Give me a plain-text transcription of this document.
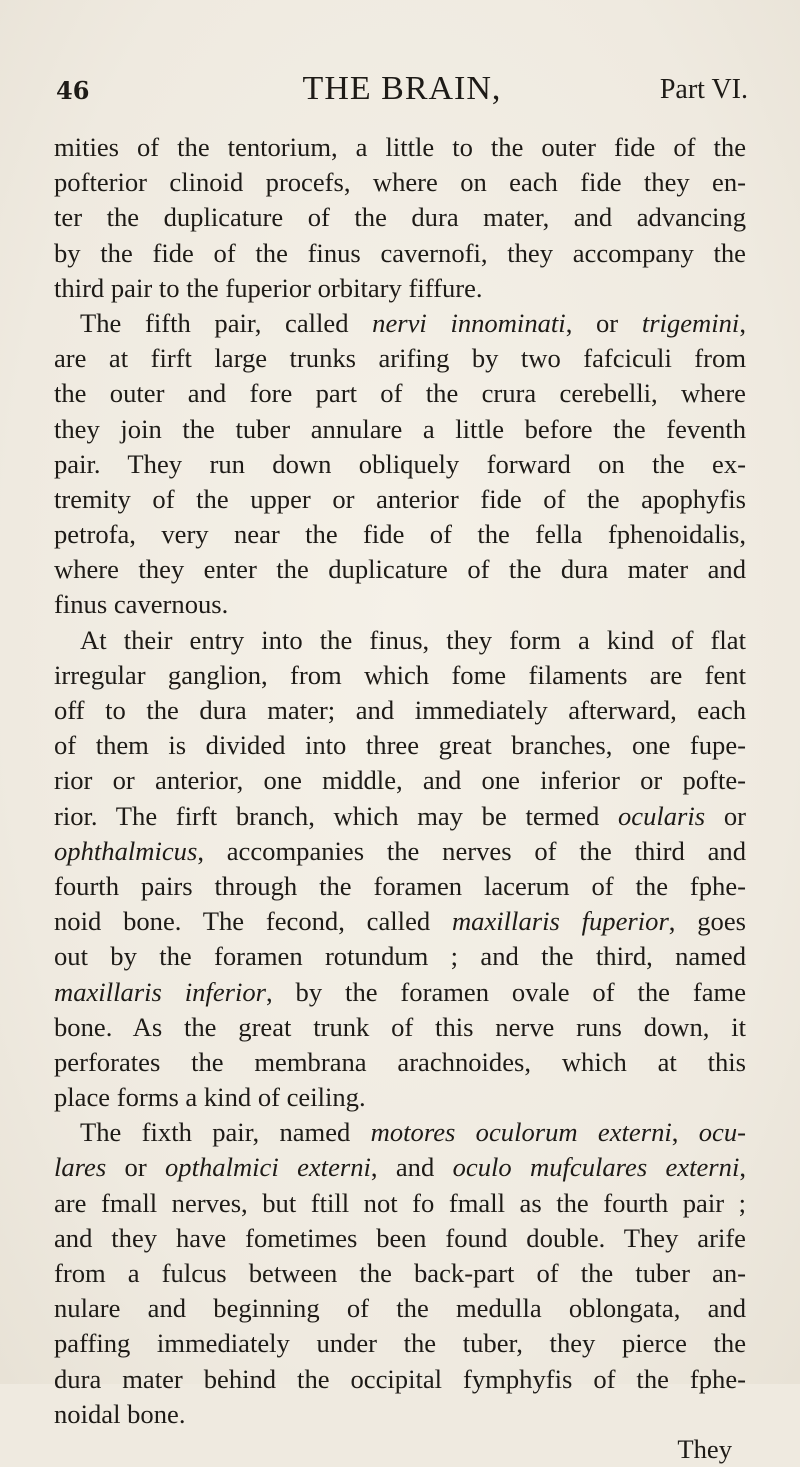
46	THE BRAIN,	Part VI.
mities of the tentorium, a little to the outer fide of the
pofterior clinoid procefs, where on each fide they en-
ter the duplicature of the dura mater, and advancing
by the fide of the finus cavernofi, they accompany the
third pair to the fuperior orbitary fiffure.
The fifth pair, called nervi innominati, or trigemini,
are at firft large trunks arifing by two fafciculi from
the outer and fore part of the crura cerebelli, where
they join the tuber annulare a little before the feventh
pair. They run down obliquely forward on the ex-
tremity of the upper or anterior fide of the apophyfis
petrofa, very near the fide of the fella fphenoidalis,
where they enter the duplicature of the dura mater and
finus cavernous.
At their entry into the finus, they form a kind of flat
irregular ganglion, from which fome filaments are fent
off to the dura mater; and immediately afterward, each
of them is divided into three great branches, one fupe-
rior or anterior, one middle, and one inferior or pofte-
rior. The firft branch, which may be termed ocularis or
ophthalmicus, accompanies the nerves of the third and
fourth pairs through the foramen lacerum of the fphe-
noid bone. The fecond, called maxillaris fuperior, goes
out by the foramen rotundum ; and the third, named
maxillaris inferior, by the foramen ovale of the fame
bone. As the great trunk of this nerve runs down, it
perforates the membrana arachnoides, which at this
place forms a kind of ceiling.
The fixth pair, named motores oculorum externi, ocu-
lares or opthalmici externi, and oculo mufculares externi,
are fmall nerves, but ftill not fo fmall as the fourth pair ;
and they have fometimes been found double. They arife
from a fulcus between the back-part of the tuber an-
nulare and beginning of the medulla oblongata, and
paffing immediately under the tuber, they pierce the
dura mater behind the occipital fymphyfis of the fphe-
noidal bone.
They
